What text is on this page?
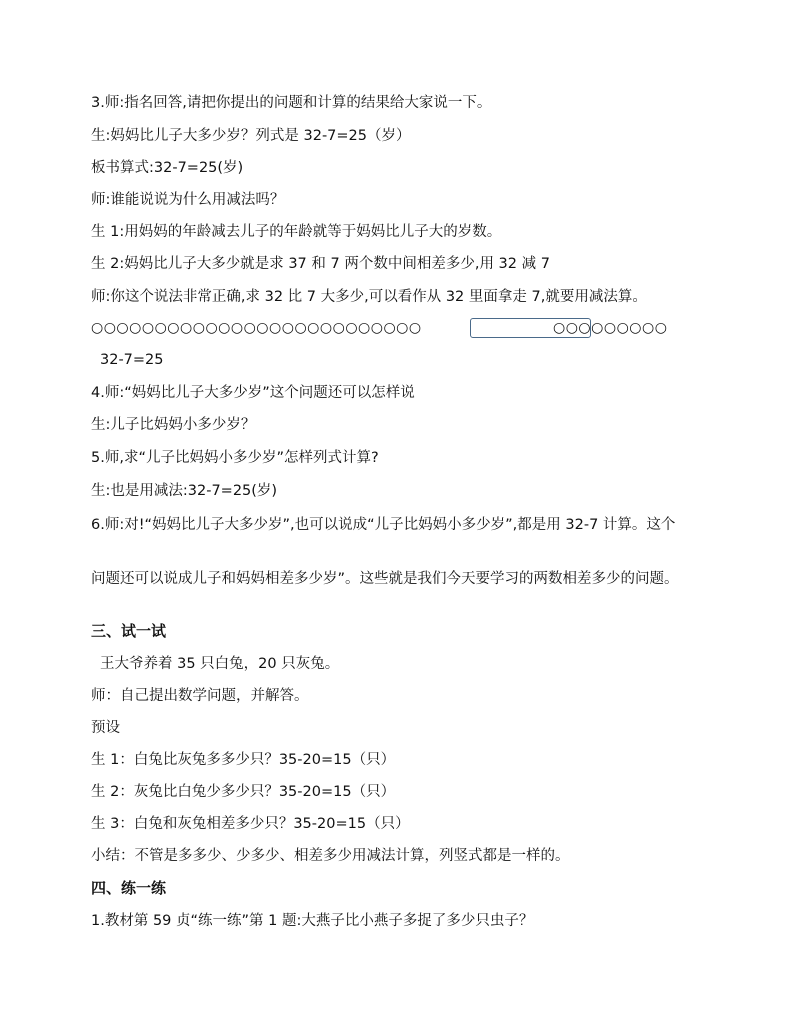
3.师:指名回答,请把你提出的问题和计算的结果给大家说一下。
生:妈妈比儿子大多少岁？列式是 32-7=25（岁）
板书算式:32-7=25(岁)
师:谁能说说为什么用减法吗？
生 1:用妈妈的年龄减去儿子的年龄就等于妈妈比儿子大的岁数。
生 2:妈妈比儿子大多少就是求 37 和 7 两个数中间相差多少,用 32 减 7
师:你这个说法非常正确,求 32 比 7 大多少,可以看作从 32 里面拿走 7,就要用减法算。
○○○○○○○○○○○○○○○○○○○○○○○○○○	○○○○○○○○○
32-7=25
4.师:“妈妈比儿子大多少岁”这个问题还可以怎样说
生:儿子比妈妈小多少岁？
5.师,求“儿子比妈妈小多少岁”怎样列式计算?
生:也是用减法:32-7=25(岁)
6.师:对!“妈妈比儿子大多少岁”,也可以说成“儿子比妈妈小多少岁”,都是用 32-7 计算。这个
问题还可以说成儿子和妈妈相差多少岁”。这些就是我们今天要学习的两数相差多少的问题。
三、试一试
王大爷养着 35 只白兔，20 只灰兔。
师：自己提出数学问题，并解答。
预设
生 1：白兔比灰兔多多少只？35-20=15（只）
生 2：灰兔比白兔少多少只？35-20=15（只）
生 3：白兔和灰兔相差多少只？35-20=15（只）
小结：不管是多多少、少多少、相差多少用减法计算，列竖式都是一样的。
四、练一练
1.教材第 59 贞“练一练”第 1 题:大燕子比小燕子多捉了多少只虫子？
